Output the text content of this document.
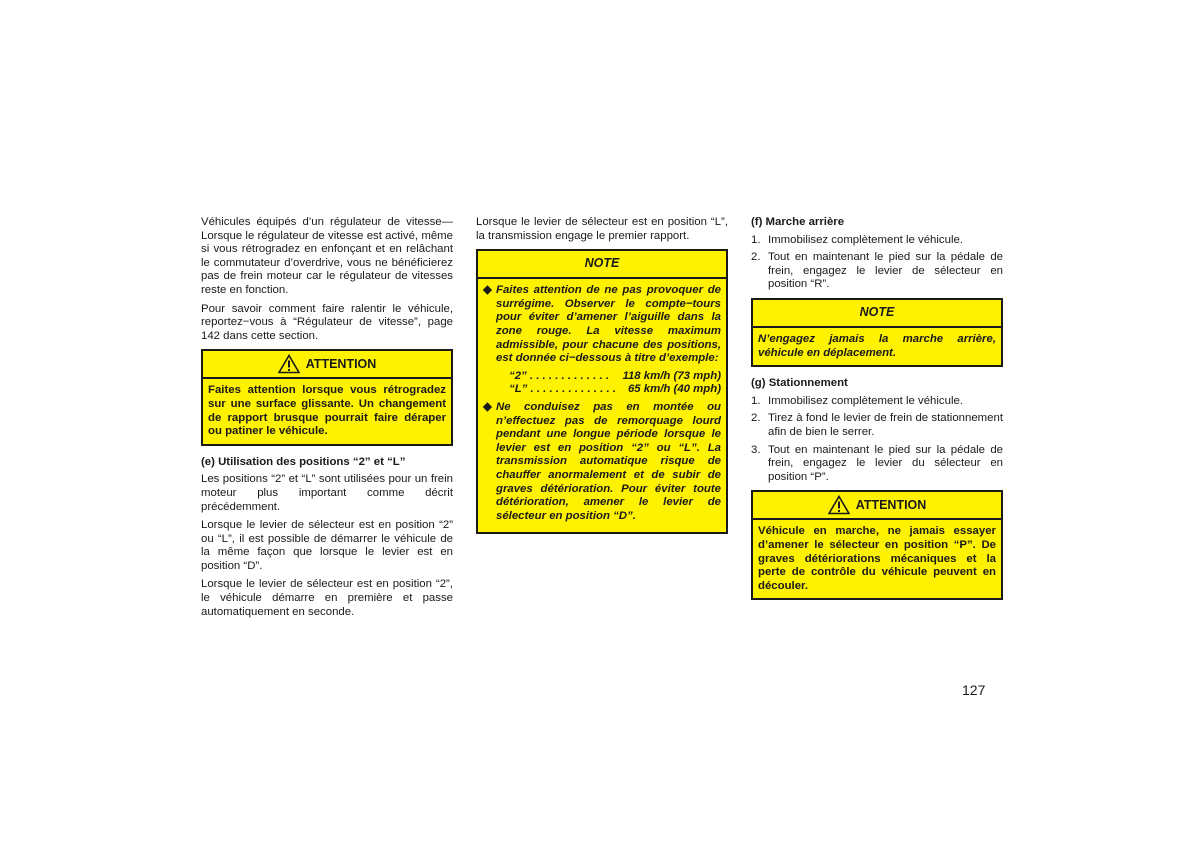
Véhicules équipés d’un régulateur de vitesse—Lorsque le régulateur de vitesse est activé, même si vous rétrogradez en enfonçant et en relâchant le commutateur d’overdrive, vous ne bénéficierez pas de frein moteur car le régulateur de vitesses reste en fonction.

Pour savoir comment faire ralentir le véhicule, reportez−vous à “Régulateur de vitesse”, page 142 dans cette section.

ATTENTION
Faites attention lorsque vous rétrogradez sur une surface glissante. Un changement de rapport brusque pourrait faire déraper ou patiner le véhicule.
(e) Utilisation des positions “2” et “L”

Les positions “2” et “L” sont utilisées pour un frein moteur plus important comme décrit précédemment.

Lorsque le levier de sélecteur est en position “2” ou “L”, il est possible de démarrer le véhicule de la même façon que lorsque le levier est en position “D”.

Lorsque le levier de sélecteur est en position “2”, le véhicule démarre en première et passe automatiquement en seconde.

Lorsque le levier de sélecteur est en position “L”, la transmission engage le premier rapport.

NOTE
◆ Faites attention de ne pas provoquer de surrégime. Observer le compte−tours pour éviter d’amener l’aiguille dans la zone rouge. La vitesse maximum admissible, pour chacune des positions, est donnée ci−dessous à titre d’exemple:
“2” . . . . . . . . . . . . .	118 km/h (73 mph)
“L” . . . . . . . . . . . . . .	65 km/h (40 mph)
◆ Ne conduisez pas en montée ou n’effectuez pas de remorquage lourd pendant une longue période lorsque le levier est en position “2” ou “L”. La transmission automatique risque de chauffer anormalement et de subir de graves détérioration. Pour éviter toute détérioration, amener le levier de sélecteur en position “D”.
(f) Marche arrière
1. Immobilisez complètement le véhicule.
2. Tout en maintenant le pied sur la pédale de frein, engagez le levier de sélecteur en position “R”.
NOTE
N’engagez jamais la marche arrière, véhicule en déplacement.
(g) Stationnement
1. Immobilisez complètement le véhicule.
2. Tirez à fond le levier de frein de stationnement afin de bien le serrer.
3. Tout en maintenant le pied sur la pédale de frein, engagez le levier du sélecteur en position “P”.
ATTENTION
Véhicule en marche, ne jamais essayer d’amener le sélecteur en position “P”. De graves détériorations mécaniques et la perte de contrôle du véhicule peuvent en découler.
127
